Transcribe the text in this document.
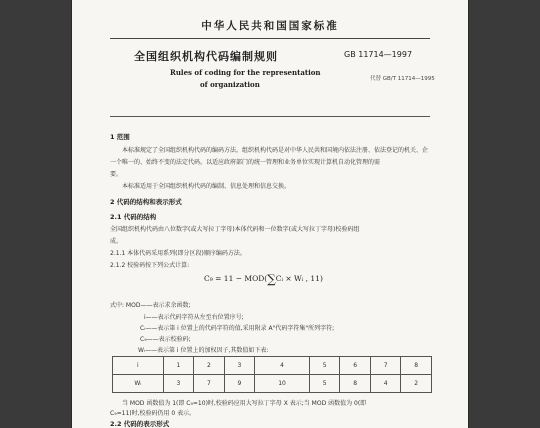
中华人民共和国国家标准
全国组织机构代码编制规则	GB 11714—1997
代替 GB/T 11714—1995
Rules of coding for the representation
of organization
1 范围
本标准规定了全国组织机构代码的编码方法。组织机构代码是对中华人民共和国境内依法注册、依法登记的机关、企
一个唯一的、始终不变的法定代码。以适应政府部门的统一管理和业务单位实现计算机自动化管理的需
要。
本标准适用于全国组织机构代码的编制、信息处理和信息交换。
2 代码的结构和表示形式
2.1 代码的结构
全国组织机构代码由八位数字(或大写拉丁字母)本体代码和一位数字(或大写拉丁字母)校验码组
成。
2.1.1 本体代码采用系列(即分区段)顺序编码方法。
2.1.2 校验码按下列公式计算:
C₉ = 11 − MOD(∑Cᵢ × Wᵢ , 11)
式中: MOD——表示求余函数;
i——表示代码字符从左至右位置序号;
Cᵢ——表示第 i 位置上的代码字符的值,采用附录 A"代码字符集"所列字符;
C₉——表示校验码;
Wᵢ——表示第 i 位置上的加权因子,其数值如下表:
i	1	2	3	4	5	6	7	8
Wᵢ	3	7	9	10	5	8	4	2
当 MOD 函数值为 1(即 C₉=10)时,校验码应用大写拉丁字母 X 表示;当 MOD 函数值为 0(即
C₉=11)时,校验码仍用 0 表示。
2.2 代码的表示形式
